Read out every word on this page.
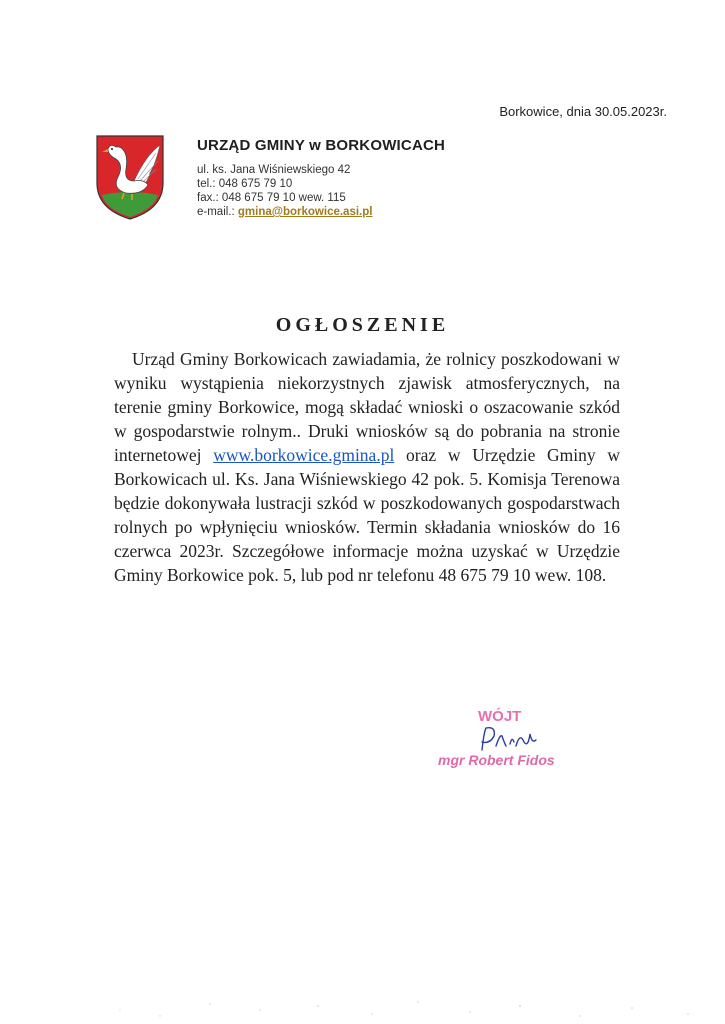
Borkowice, dnia 30.05.2023r.
URZĄD GMINY w BORKOWICACH
ul. ks. Jana Wiśniewskiego 42
tel.: 048 675 79 10
fax.: 048 675 79 10 wew. 115
e-mail.: gmina@borkowice.asi.pl
OGŁOSZENIE
Urząd Gminy Borkowicach zawiadamia, że rolnicy poszkodowani w wyniku wystąpienia niekorzystnych zjawisk atmosferycznych, na terenie gminy Borkowice, mogą składać wnioski o oszacowanie szkód w gospodarstwie rolnym.. Druki wniosków są do pobrania na stronie internetowej www.borkowice.gmina.pl oraz w Urzędzie Gminy w Borkowicach ul. Ks. Jana Wiśniewskiego 42 pok. 5. Komisja Terenowa będzie dokonywała lustracji szkód w poszkodowanych gospodarstwach rolnych po wpłynięciu wniosków. Termin składania wniosków do 16 czerwca 2023r. Szczegółowe informacje można uzyskać w Urzędzie Gminy Borkowice pok. 5, lub pod nr telefonu 48 675 79 10 wew. 108.
WÓJT
mgr Robert Fidos
